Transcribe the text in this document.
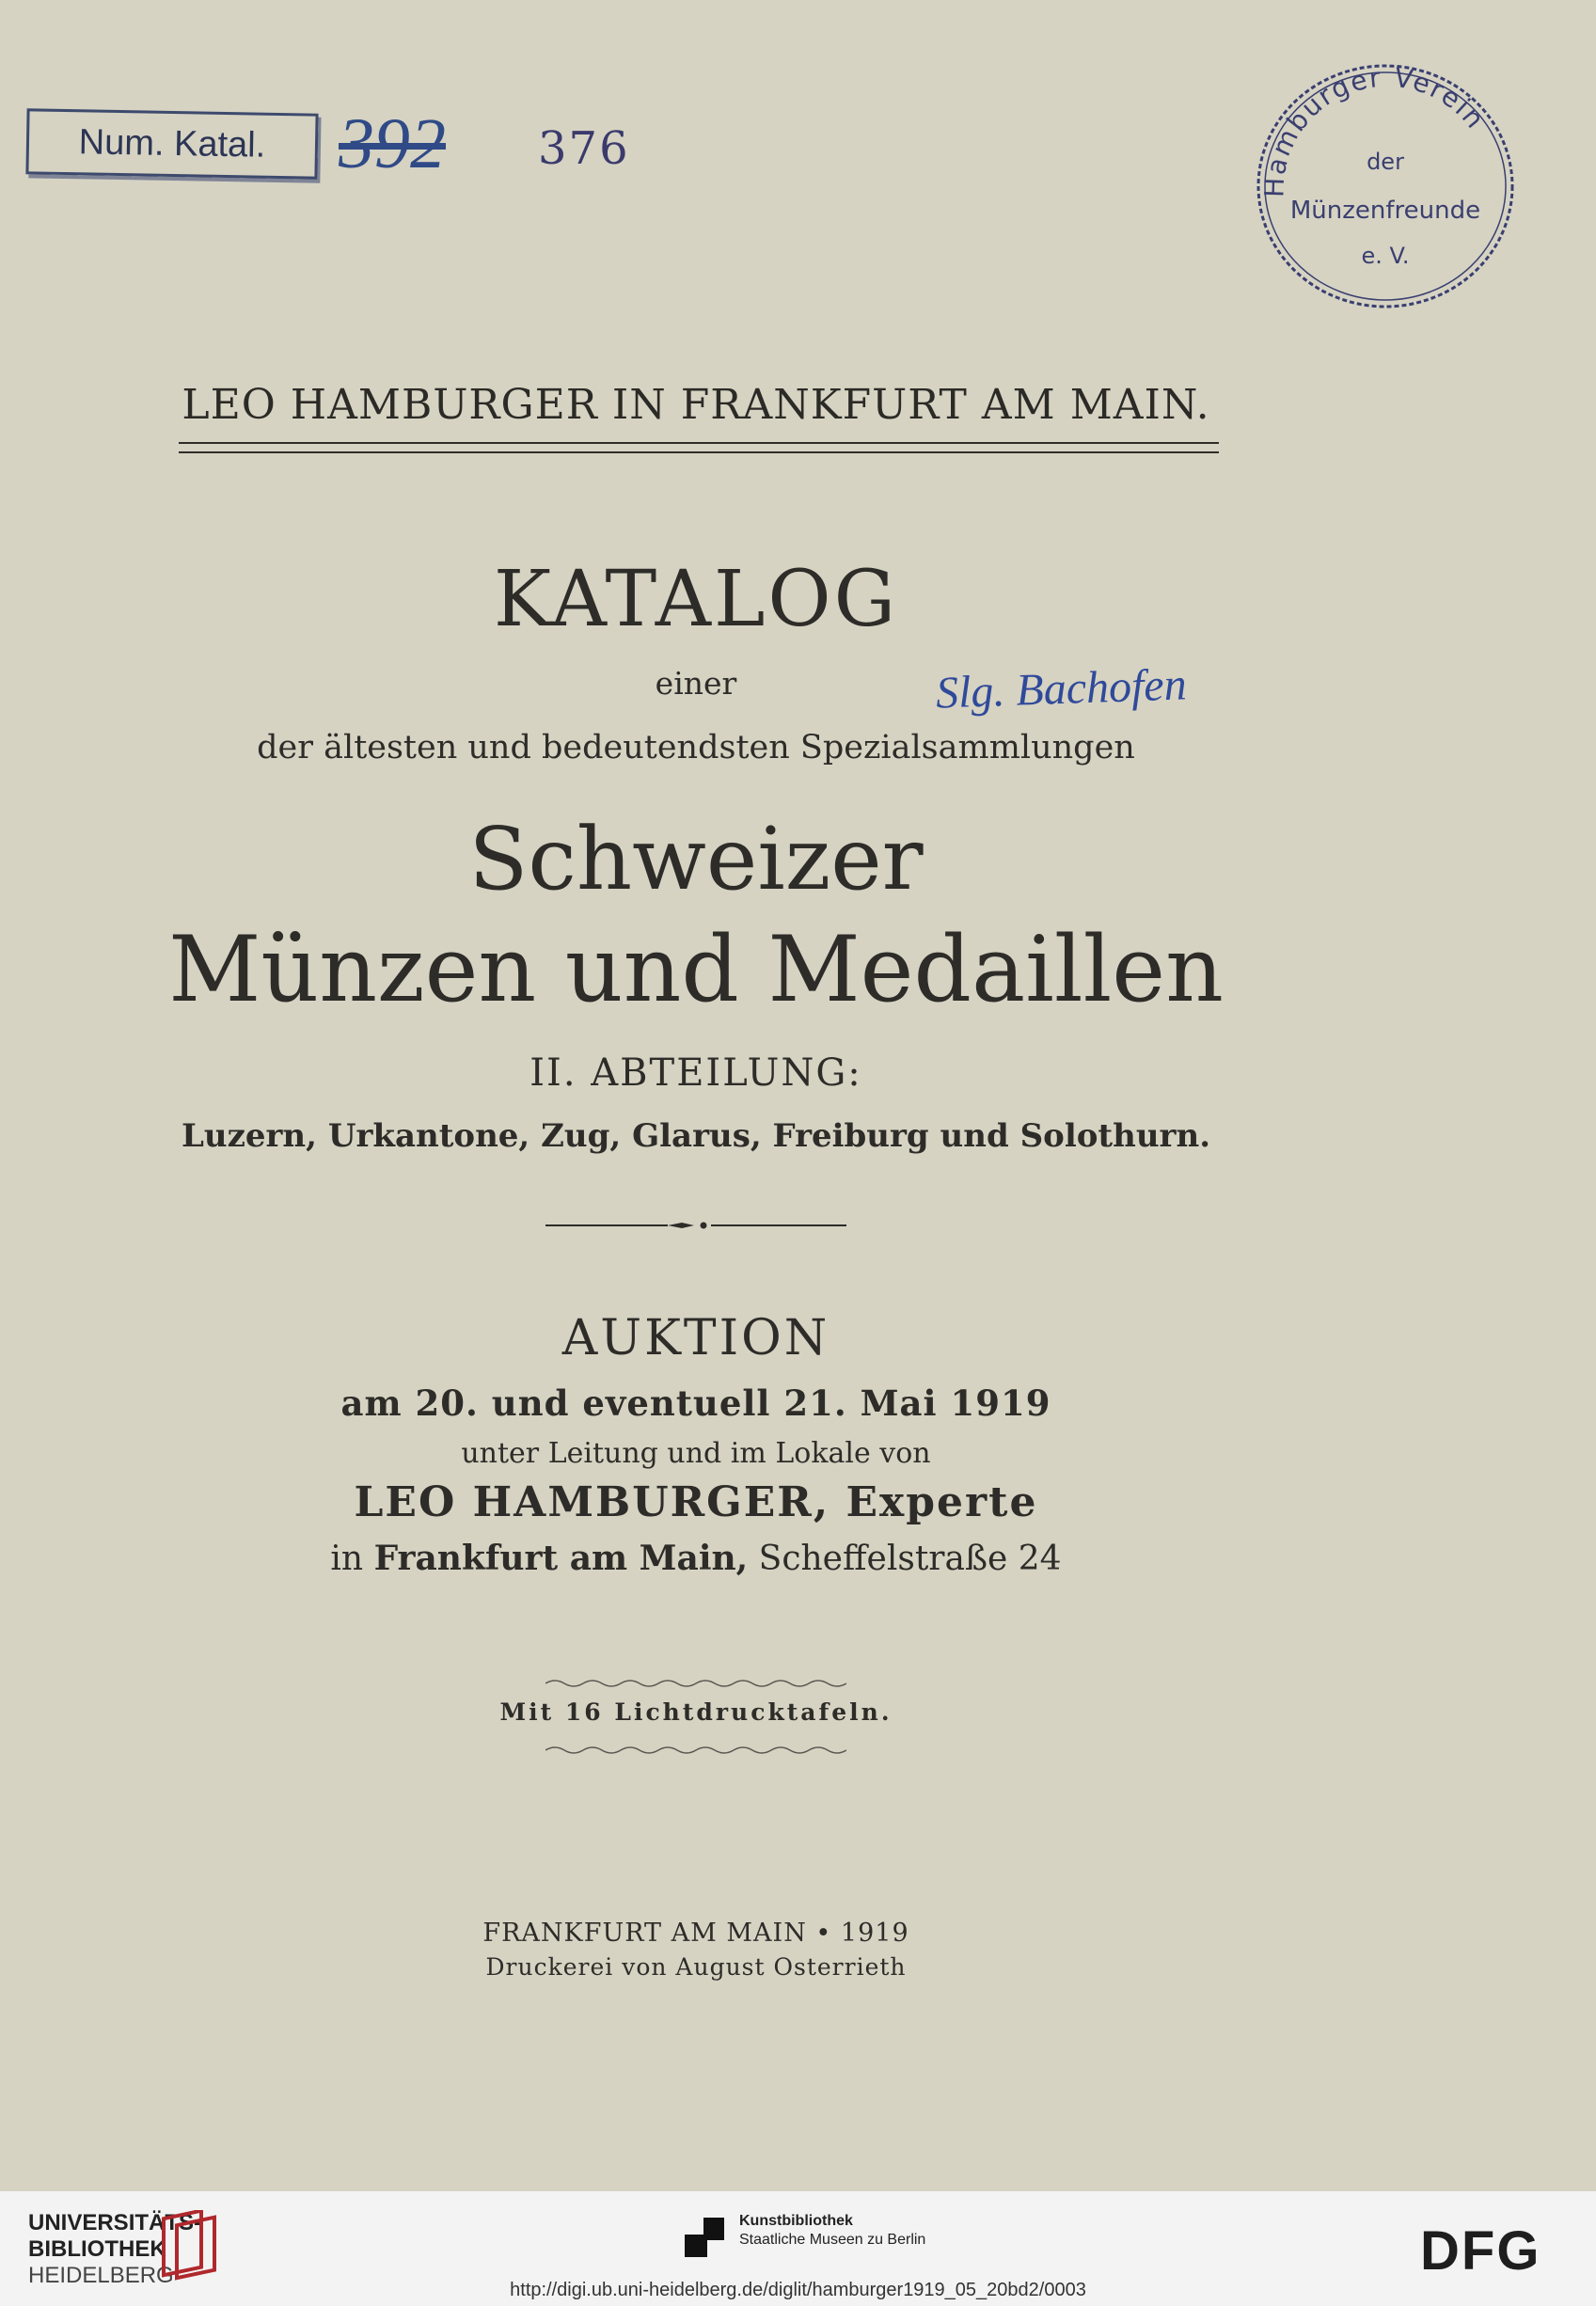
Num. Katal. 392 376
Hamburger Verein
der
Münzenfreunde
e. V.
LEO HAMBURGER IN FRANKFURT AM MAIN.
KATALOG
einer
der ältesten und bedeutendsten Spezialsammlungen
Slg. Bachofen
Schweizer
Münzen und Medaillen
II. ABTEILUNG:
Luzern, Urkantone, Zug, Glarus, Freiburg und Solothurn.
AUKTION
am 20. und eventuell 21. Mai 1919
unter Leitung und im Lokale von
LEO HAMBURGER, Experte
in Frankfurt am Main, Scheffelstraße 24
Mit 16 Lichtdrucktafeln.
FRANKFURT AM MAIN • 1919
Druckerei von August Osterrieth
UNIVERSITÄTS-
BIBLIOTHEK
HEIDELBERG
Kunstbibliothek
Staatliche Museen zu Berlin	DFG
http://digi.ub.uni-heidelberg.de/diglit/hamburger1919_05_20bd2/0003
